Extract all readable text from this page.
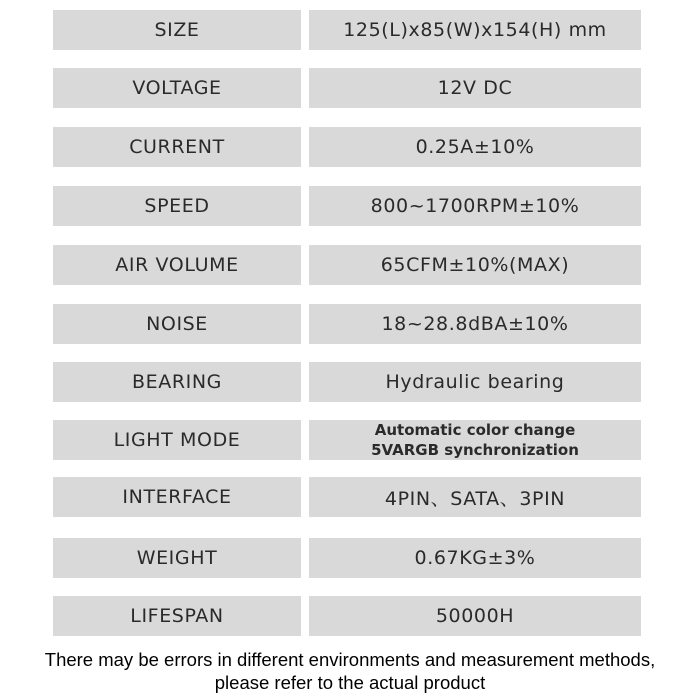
SIZE	125(L)x85(W)x154(H) mm
VOLTAGE	12V DC
CURRENT	0.25A±10%
SPEED	800~1700RPM±10%
AIR VOLUME	65CFM±10%(MAX)
NOISE	18~28.8dBA±10%
BEARING	Hydraulic bearing
LIGHT MODE	Automatic color change
5VARGB synchronization
INTERFACE	4PIN、SATA、3PIN
WEIGHT	0.67KG±3%
LIFESPAN	50000H
There may be errors in different environments and measurement methods,
please refer to the actual product
